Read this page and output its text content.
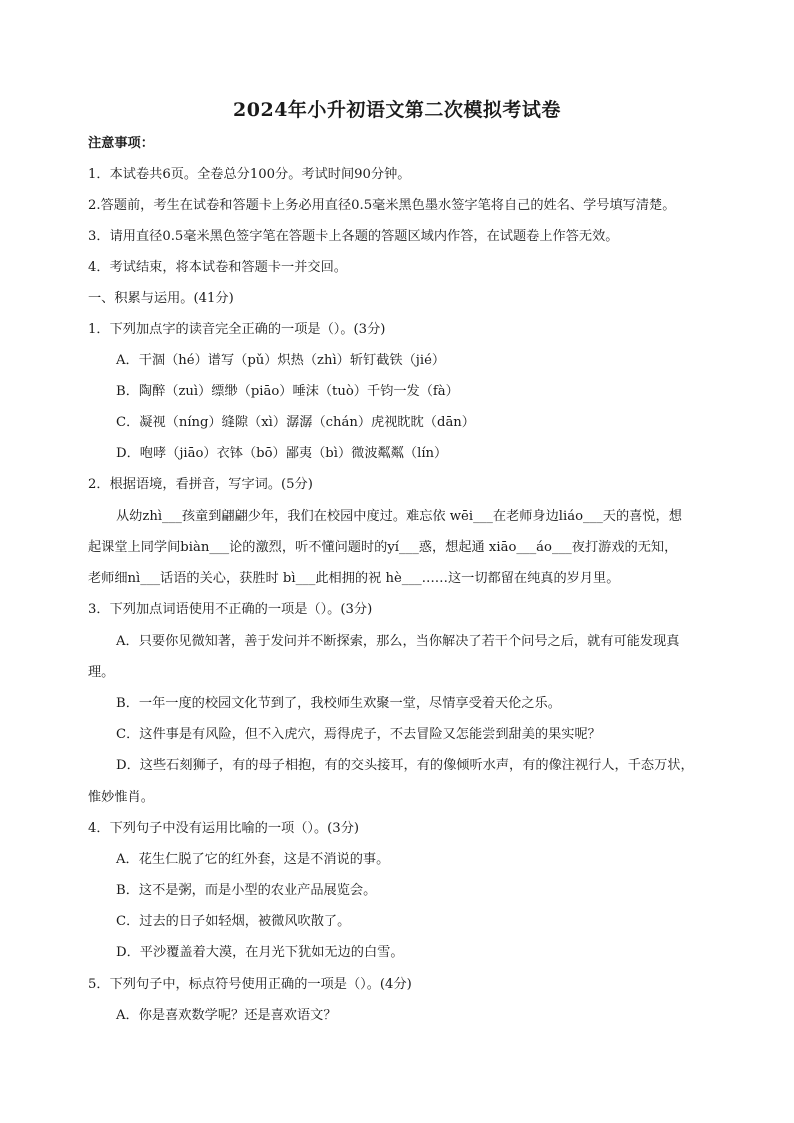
2024年小升初语文第二次模拟考试卷
注意事项：
1．本试卷共6页。全卷总分100分。考试时间90分钟。
2.答题前，考生在试卷和答题卡上务必用直径0.5毫米黑色墨水签字笔将自己的姓名、学号填写清楚。
3．请用直径0.5毫米黑色签字笔在答题卡上各题的答题区域内作答，在试题卷上作答无效。
4．考试结束，将本试卷和答题卡一并交回。
一、积累与运用。(41分)
1．下列加点字的读音完全正确的一项是（）。(3分)
A．干涸（hé）谱写（pǔ）炽热（zhì）斩钉截铁（jié）
B．陶醉（zuì）缥缈（piāo）唾沫（tuò）千钧一发（fà）
C．凝视（níng）缝隙（xì）潺潺（chán）虎视眈眈（dān）
D．咆哮（jiāo）衣钵（bō）鄙夷（bì）微波粼粼（lín）
2．根据语境，看拼音，写字词。(5分)
从幼zhì___孩童到翩翩少年，我们在校园中度过。难忘依 wēi___在老师身边liáo___天的喜悦，想
起课堂上同学间biàn___论的激烈，听不懂问题时的yí___惑，想起通 xiāo___áo___夜打游戏的无知，
老师细nì___话语的关心，获胜时 bì___此相拥的祝 hè___……这一切都留在纯真的岁月里。
3．下列加点词语使用不正确的一项是（）。(3分)
A．只要你见微知著，善于发问并不断探索，那么，当你解决了若干个问号之后，就有可能发现真
理。
B．一年一度的校园文化节到了，我校师生欢聚一堂，尽情享受着天伦之乐。
C．这件事是有风险，但不入虎穴，焉得虎子，不去冒险又怎能尝到甜美的果实呢？
D．这些石刻狮子，有的母子相抱，有的交头接耳，有的像倾听水声，有的像注视行人，千态万状，
惟妙惟肖。
4．下列句子中没有运用比喻的一项（）。(3分)
A．花生仁脱了它的红外套，这是不消说的事。
B．这不是粥，而是小型的农业产品展览会。
C．过去的日子如轻烟，被微风吹散了。
D．平沙覆盖着大漠，在月光下犹如无边的白雪。
5．下列句子中，标点符号使用正确的一项是（）。(4分)
A．你是喜欢数学呢？还是喜欢语文？
